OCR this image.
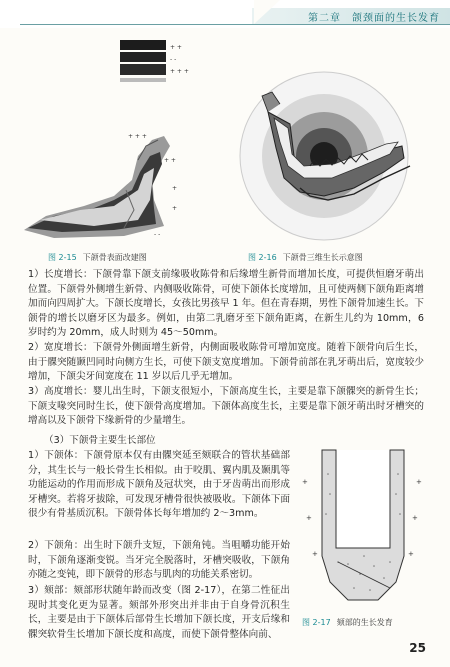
第二章　颌颈面的生长发育
+ +
- -
+ + +
+ + +
+ +
+
+
- -
图 2-15 下颌骨表面改建图	图 2-16 下颌骨三维生长示意图
1）长度增长：下颌骨靠下颌支前缘吸收陈骨和后缘增生新骨而增加长度，可提供恒磨牙萌出位置。下颌骨外侧增生新骨、内侧吸收陈骨，可使下颌体长度增加，且可使两侧下颌角距离增加而向四周扩大。下颌长度增长，女孩比男孩早 1 年。但在青春期，男性下颌骨加速生长。下颌骨的增长以磨牙区为最多。例如，由第二乳磨牙至下颌角距离，在新生儿约为 10mm，6 岁时约为 20mm，成人时则为 45～50mm。
2）宽度增长：下颌骨外侧面增生新骨，内侧面吸收陈骨可增加宽度。随着下颌骨向后生长，由于髁突随颞凹同时向侧方生长，可使下颌支宽度增加。下颌骨前部在乳牙萌出后，宽度较少增加，下颌尖牙间宽度在 11 岁以后几乎无增加。
3）高度增长：婴儿出生时，下颌支很短小，下颌高度生长，主要是靠下颌髁突的新骨生长；下颌支喙突同时生长，使下颌骨高度增加。下颌体高度生长，主要是靠下颌牙萌出时牙槽突的增高以及下颌骨下缘新骨的少量增生。
（3）下颌骨主要生长部位
1）下颌体：下颌骨原本仅有由髁突延至颏联合的管状基础部分，其生长与一般长骨生长相似。由于咬肌、翼内肌及颞肌等功能运动的作用而形成下颌角及冠状突，由于牙齿萌出而形成牙槽突。若将牙拔除，可发现牙槽骨很快被吸收。下颌体下面很少有骨基质沉积。下颌骨体长每年增加约 2～3mm。
2）下颌角：出生时下颌升支短，下颌角钝。当咀嚼功能开始时，下颌角逐渐变锐。当牙完全脱落时，牙槽突吸收，下颌角亦随之变钝，即下颌骨的形态与肌肉的功能关系密切。
3）颏部：颏部形状随年龄而改变（图 2-17），在第二性征出现时其变化更为显著。颏部外形突出并非由于自身骨沉积生长，主要是由于下颌体后部骨生长增加下颌长度，开支后缘和髁突软骨生长增加下颌长度和高度，而使下颌骨整体向前、
+
+
+
+
+	+
图 2-17 颏部的生长发育
25
